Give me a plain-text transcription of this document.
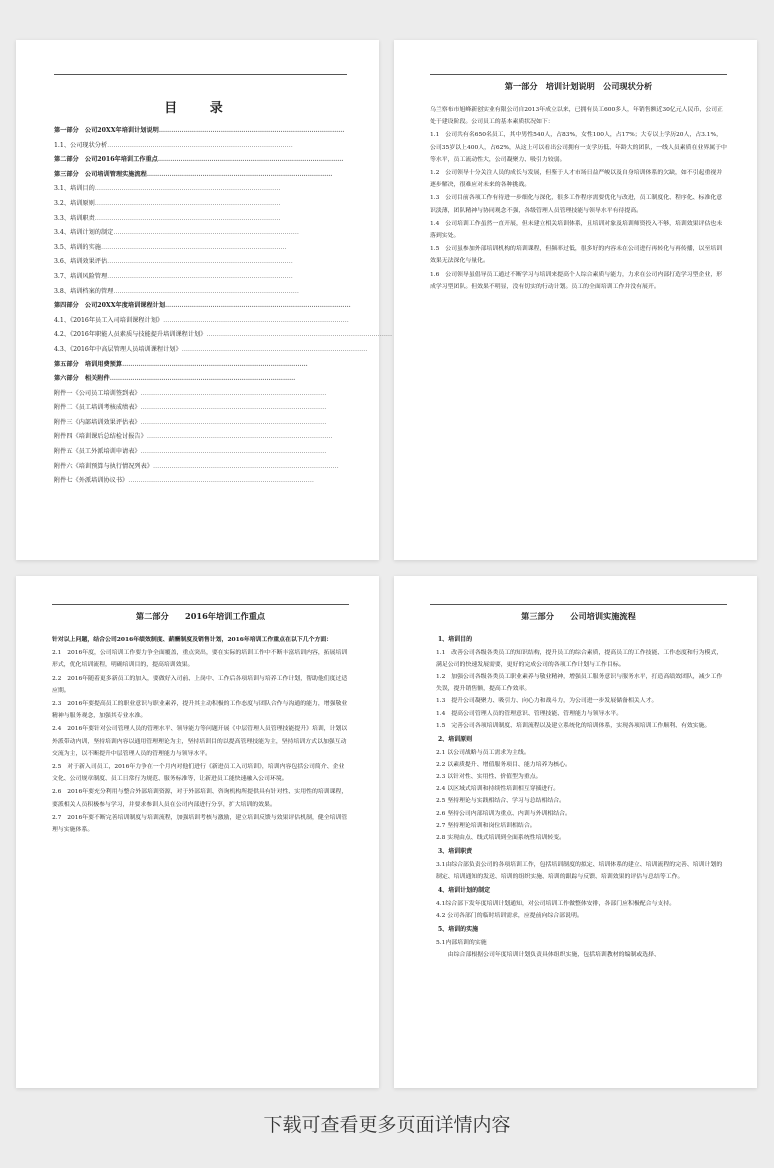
目 录
第一部分　公司20XX年培训计划说明………………………………………………………………………………
1.1、公司现状分析………………………………………………………………………………
第二部分　公司2016年培训工作重点………………………………………………………………………………
第三部分　公司培训管理实施流程………………………………………………………………………………
3.1、培训目的………………………………………………………………………………
3.2、培训原则………………………………………………………………………………
3.3、培训职责………………………………………………………………………………
3.4、培训计划的制定………………………………………………………………………………
3.5、培训的实施………………………………………………………………………………
3.6、培训效果评估………………………………………………………………………………
3.7、培训风险管理………………………………………………………………………………
3.8、培训档案的管理………………………………………………………………………………
第四部分　公司20XX年度培训课程计划………………………………………………………………………………
4.1、《2016年员工入司培训课程计划》………………………………………………………………………………
4.2、《2016年职能人员素质与技能提升培训课程计划》………………………………………………………………………………
4.3、《2016年中高层管理人员培训课程计划》………………………………………………………………………………
第五部分　培训用费预算………………………………………………………………………………
第六部分　相关附件………………………………………………………………………………
附件一《公司员工培训签到表》………………………………………………………………………………
附件二《员工培训考核成绩表》………………………………………………………………………………
附件三《内部培训效果评估表》………………………………………………………………………………
附件四《培训课后总结检讨报告》………………………………………………………………………………
附件五《员工外派培训申请表》………………………………………………………………………………
附件六《培训预算与执行情况列表》………………………………………………………………………………
附件七《外派培训协议书》………………………………………………………………………………
第一部分　培训计划说明　公司现状分析
乌兰察布市旭峰新创实业有限公司自2013年成立以来，已拥有员工600多人，年销售额近30亿元人民币，公司正处于建设阶段。公司员工的基本素质状况如下：
1.1　公司共有名650名员工，其中男性540人，占83%，女性100人，占17%；大专以上学历20人，占3.1%，公司35岁以上400人，占62%，从这上可以看出公司拥有一支学历低、年龄大的团队，一线人员素质在业界属于中等水平，员工流动性大，公司凝聚力、吸引力较弱。
1.2　公司领导十分关注人员的成长与发展，但鉴于人才市场日益严峻以及自身培训体系的欠缺，如不引起重视并逐步解决，很难应对未来的各种挑战。
1.3　公司目前各项工作有待进一步细化与深化，很多工作程序需要优化与改进，员工制度化、程序化、标准化意识淡薄，团队精神与协同观念不强，各级管理人员管理技能与领导水平有待提高。
1.4　公司培训工作虽然一直开展，但未建立相关培训体系，且培训对象及培训师资投入不够，培训效果评估也未落到实处。
1.5　公司虽参加外部培训机构的培训课程，但频率过低，很多好的内容未在公司进行再转化与再传播，以至培训效果无法深化与量化。
1.6　公司领导虽倡导员工通过不断学习与培训来提高个人综合素质与能力，力求在公司内部打造学习型企业，形成学习型团队。但效果不明显，没有切实的行动计划。员工的全面培训工作并没有展开。
第二部分　　2016年培训工作重点
针对以上问题，结合公司2016年绩效制度、薪酬制度及销售计划，2016年培训工作重点在以下几个方面：
2.1　2016年度，公司培训工作要力争全面覆盖，重点突出，要在实际的培训工作中不断丰富培训内容，拓展培训形式，优化培训流程，明确培训目的，提高培训效果。
2.2　2016年随着更多新员工的加入，要做好入司前、上岗中、工作后各项培训与培养工作计划，帮助他们度过适应期。
2.3　2016年要提高员工的职业意识与职业素养，提升其主动积极的工作态度与团队合作与沟通的能力，增强敬业精神与服务观念，加强其专业水准。
2.4　2016年要针对公司管理人员的管理水平、领导能力等问题开展《中层管理人员管理技能提升》培训，计划以外派带动内训，坚持培训内容以通用管理理论为主，坚持培训目的以提高管理技能为主，坚持培训方式以加强互动交流为主，以不断提升中层管理人员的管理能力与领导水平。
2.5　对于新入司员工，2016年力争在一个月内对他们进行《新进员工入司培训》，培训内容包括公司简介、企业文化、公司规章制度、员工日常行为规范、服务标准等，让新进员工能快速融入公司环境。
2.6　2016年要充分利用与整合外部培训资源，对于外部培训、咨询机构所提供具有针对性、实用性的培训课程，要派相关人员积极参与学习，并要求参训人员在公司内部进行分享，扩大培训的效果。
2.7　2016年要不断完善培训制度与培训流程，加强培训考核与激励，建立培训反馈与效果评估机制，健全培训管理与实施体系。
第三部分　　公司培训实施流程
1、培训目的
1.1　改善公司各级各类员工的知识结构，提升员工的综合素质，提高员工的工作技能、工作态度和行为模式，满足公司的快速发展需要，更好的完成公司的各项工作计划与工作目标。
1.2　加强公司各级各类员工职业素养与敬业精神，增强员工服务意识与服务水平，打造高绩效团队，减少工作失误，提升销售额，提高工作效率。
1.3　提升公司凝聚力、吸引力、向心力和战斗力，为公司进一步发展储备相关人才。
1.4　提高公司管理人员的管理意识、管理技能、管理能力与领导水平。
1.5　完善公司各项培训制度、培训流程以及建立系统化的培训体系，实现各项培训工作顺利、有效实施。
2、培训原则
2.1 以公司战略与员工需求为主线。
2.2 以素质提升、增值服务项目、能力培养为核心。
2.3 以针对性、实用性、价值型为重点。
2.4 以区域式培训和持续性培训相互穿插进行。
2.5 坚持理论与实践相结合、学习与总结相结合。
2.6 坚持公司内部培训为重点、内训与外训相结合。
2.7 坚持理论培训和岗位培训相结合。
2.8 实现由点、线式培训到全面系统性培训转变。
3、培训职责
3.1由综合部负责公司的各项培训工作，包括培训制度的拟定、培训体系的建立、培训流程的完善、培训计划的制定、培训通知的发送、培训的组织实施、培训的跟踪与反馈、培训效果的评估与总结等工作。
4、培训计划的制定
4.1综合部下发年度培训计划通知，对公司培训工作做整体安排，各部门应积极配合与支持。
4.2 公司各部门的临时培训需求，应提前向综合部说明。
5、培训的实施
5.1内部培训的实施
　　由综合部根据公司年度培训计划负责具体组织实施，包括培训教材的编制或选择、
下载可查看更多页面详情内容
